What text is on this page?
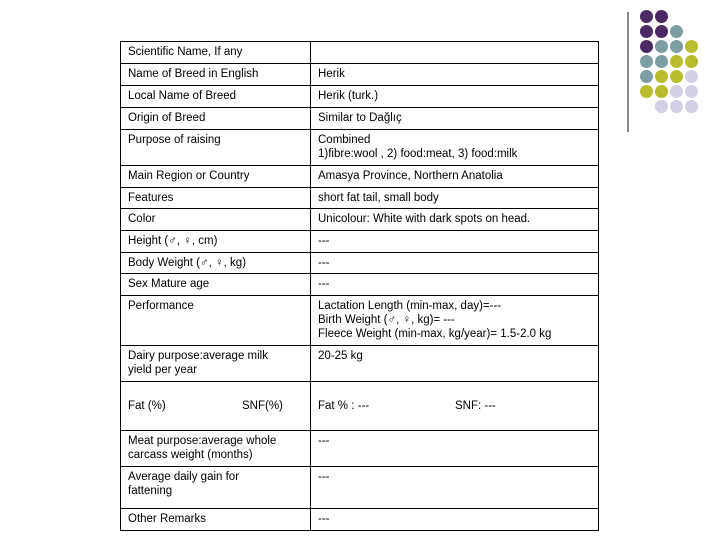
Scientific Name, If any	
Name of Breed in English	Herik
Local Name of Breed	Herik (turk.)
Origin of Breed	Similar to Dağlıç
Purpose of raising	Combined
1)fibre:wool , 2) food:meat, 3) food:milk
Main Region or Country	Amasya Province, Northern Anatolia
Features	short fat tail, small body
Color	Unicolour: White with dark spots on head.
Height (♂, ♀, cm)	---
Body Weight (♂, ♀, kg)	---
Sex Mature age	---
Performance	Lactation Length (min-max, day)=---
Birth Weight (♂, ♀, kg)= ---
Fleece Weight (min-max, kg/year)= 1.5-2.0 kg
Dairy purpose:average milk
yield per year	20-25 kg

Fat (%) SNF(%)	Fat % : --- SNF: ---

Meat purpose:average whole
carcass weight (months)	---
Average daily gain for
fattening	---
Other Remarks	---
